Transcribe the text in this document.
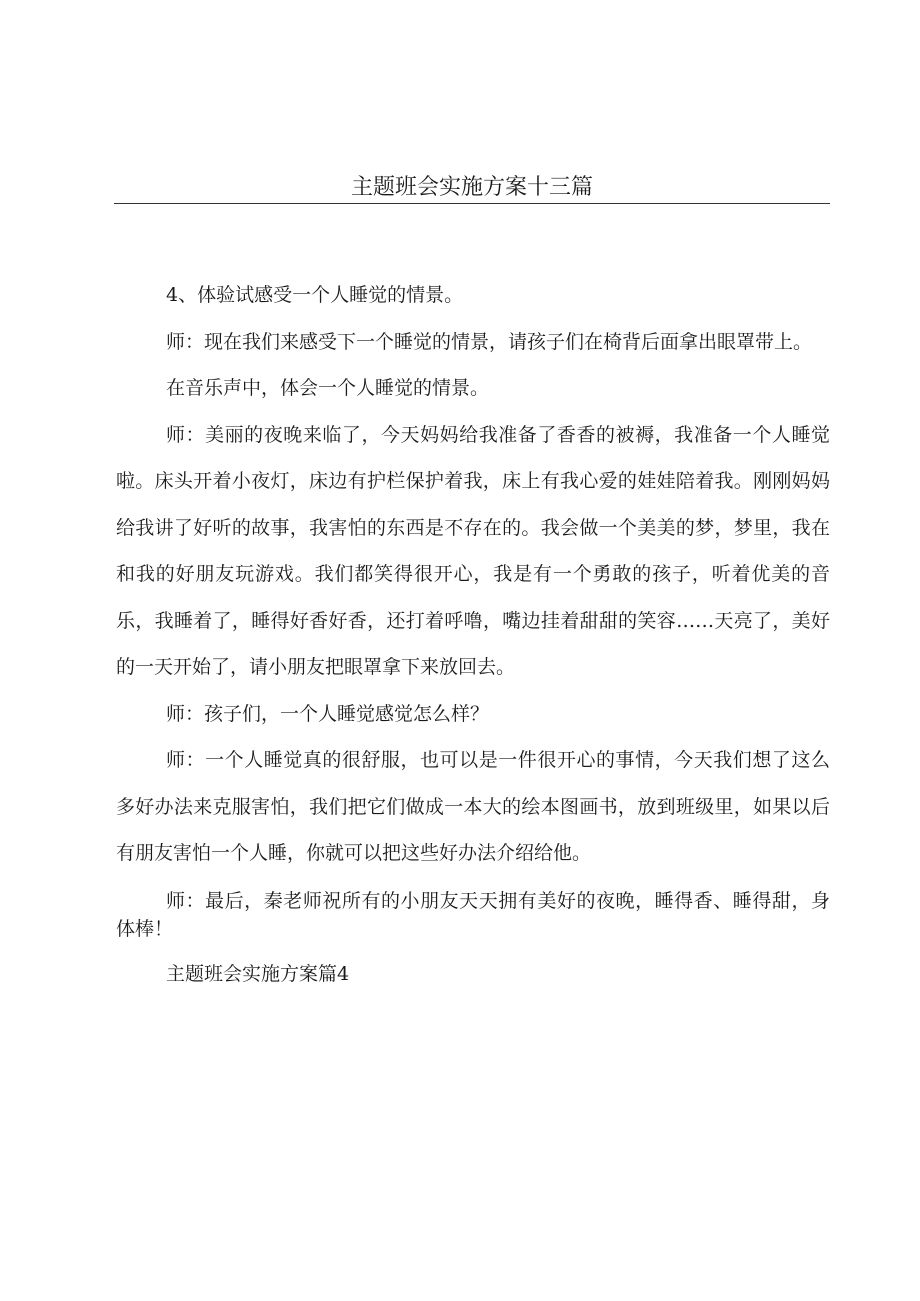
主题班会实施方案十三篇

4、体验试感受一个人睡觉的情景。

师：现在我们来感受下一个睡觉的情景，请孩子们在椅背后面拿出眼罩带上。

在音乐声中，体会一个人睡觉的情景。

师：美丽的夜晚来临了，今天妈妈给我准备了香香的被褥，我准备一个人睡觉啦。床头开着小夜灯，床边有护栏保护着我，床上有我心爱的娃娃陪着我。刚刚妈妈给我讲了好听的故事，我害怕的东西是不存在的。我会做一个美美的梦，梦里，我在和我的好朋友玩游戏。我们都笑得很开心，我是有一个勇敢的孩子，听着优美的音乐，我睡着了，睡得好香好香，还打着呼噜，嘴边挂着甜甜的笑容……天亮了，美好的一天开始了，请小朋友把眼罩拿下来放回去。

师：孩子们，一个人睡觉感觉怎么样？

师：一个人睡觉真的很舒服，也可以是一件很开心的事情，今天我们想了这么多好办法来克服害怕，我们把它们做成一本大的绘本图画书，放到班级里，如果以后有朋友害怕一个人睡，你就可以把这些好办法介绍给他。

师：最后，秦老师祝所有的小朋友天天拥有美好的夜晚，睡得香、睡得甜，身体棒！

主题班会实施方案篇4
